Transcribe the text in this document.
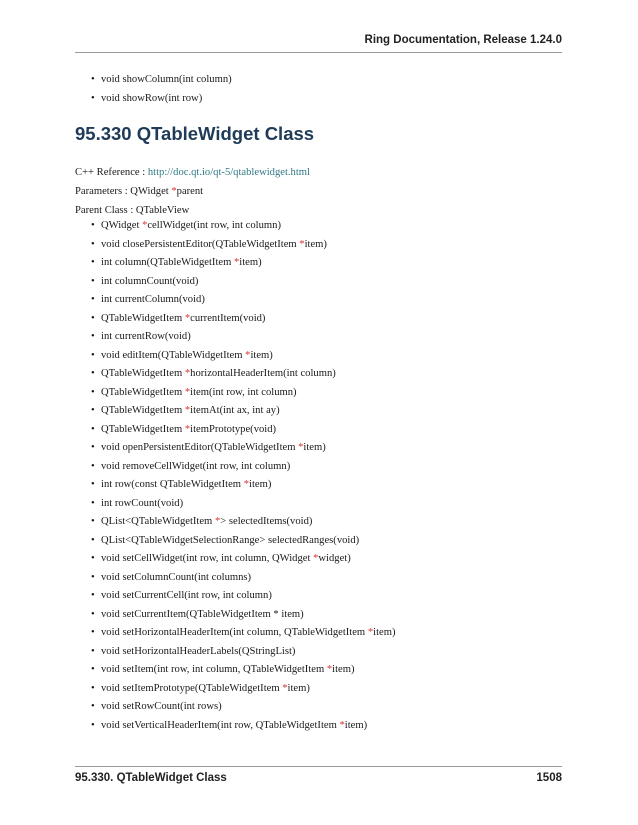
Ring Documentation, Release 1.24.0
• void showColumn(int column)
• void showRow(int row)
95.330 QTableWidget Class
C++ Reference : http://doc.qt.io/qt-5/qtablewidget.html
Parameters : QWidget *parent
Parent Class : QTableView
• QWidget *cellWidget(int row, int column)
• void closePersistentEditor(QTableWidgetItem *item)
• int column(QTableWidgetItem *item)
• int columnCount(void)
• int currentColumn(void)
• QTableWidgetItem *currentItem(void)
• int currentRow(void)
• void editItem(QTableWidgetItem *item)
• QTableWidgetItem *horizontalHeaderItem(int column)
• QTableWidgetItem *item(int row, int column)
• QTableWidgetItem *itemAt(int ax, int ay)
• QTableWidgetItem *itemPrototype(void)
• void openPersistentEditor(QTableWidgetItem *item)
• void removeCellWidget(int row, int column)
• int row(const QTableWidgetItem *item)
• int rowCount(void)
• QList<QTableWidgetItem *> selectedItems(void)
• QList<QTableWidgetSelectionRange> selectedRanges(void)
• void setCellWidget(int row, int column, QWidget *widget)
• void setColumnCount(int columns)
• void setCurrentCell(int row, int column)
• void setCurrentItem(QTableWidgetItem * item)
• void setHorizontalHeaderItem(int column, QTableWidgetItem *item)
• void setHorizontalHeaderLabels(QStringList)
• void setItem(int row, int column, QTableWidgetItem *item)
• void setItemPrototype(QTableWidgetItem *item)
• void setRowCount(int rows)
• void setVerticalHeaderItem(int row, QTableWidgetItem *item)
95.330. QTableWidget Class	1508
